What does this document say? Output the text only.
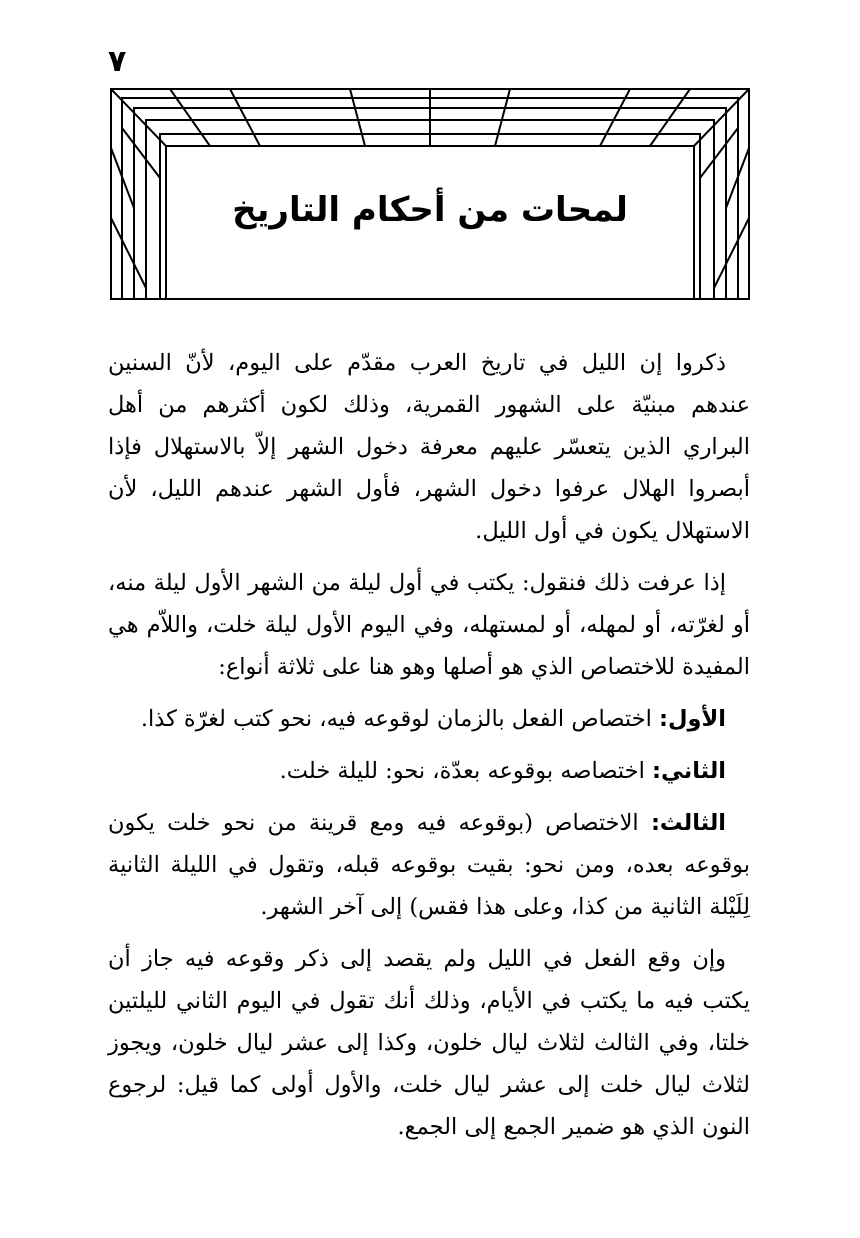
٧
لمحات من أحكام التاريخ

ذكروا إن الليل في تاريخ العرب مقدّم على اليوم، لأنّ السنين عندهم مبنيّة على الشهور القمرية، وذلك لكون أكثرهم من أهل البراري الذين يتعسّر عليهم معرفة دخول الشهر إلاّ بالاستهلال فإذا أبصروا الهلال عرفوا دخول الشهر، فأول الشهر عندهم الليل، لأن الاستهلال يكون في أول الليل.

إذا عرفت ذلك فنقول: يكتب في أول ليلة من الشهر الأول ليلة منه، أو لغرّته، أو لمهله، أو لمستهله، وفي اليوم الأول ليلة خلت، واللاّم هي المفيدة للاختصاص الذي هو أصلها وهو هنا على ثلاثة أنواع:

الأول: اختصاص الفعل بالزمان لوقوعه فيه، نحو كتب لغرّة كذا.

الثاني: اختصاصه بوقوعه بعدّة، نحو: لليلة خلت.

الثالث: الاختصاص (بوقوعه فيه ومع قرينة من نحو خلت يكون بوقوعه بعده، ومن نحو: بقيت بوقوعه قبله، وتقول في الليلة الثانية لِلَيْلة الثانية من كذا، وعلى هذا فقس) إلى آخر الشهر.

وإن وقع الفعل في الليل ولم يقصد إلى ذكر وقوعه فيه جاز أن يكتب فيه ما يكتب في الأيام، وذلك أنك تقول في اليوم الثاني لليلتين خلتا، وفي الثالث لثلاث ليال خلون، وكذا إلى عشر ليال خلون، ويجوز لثلاث ليال خلت إلى عشر ليال خلت، والأول أولى كما قيل: لرجوع النون الذي هو ضمير الجمع إلى الجمع.
